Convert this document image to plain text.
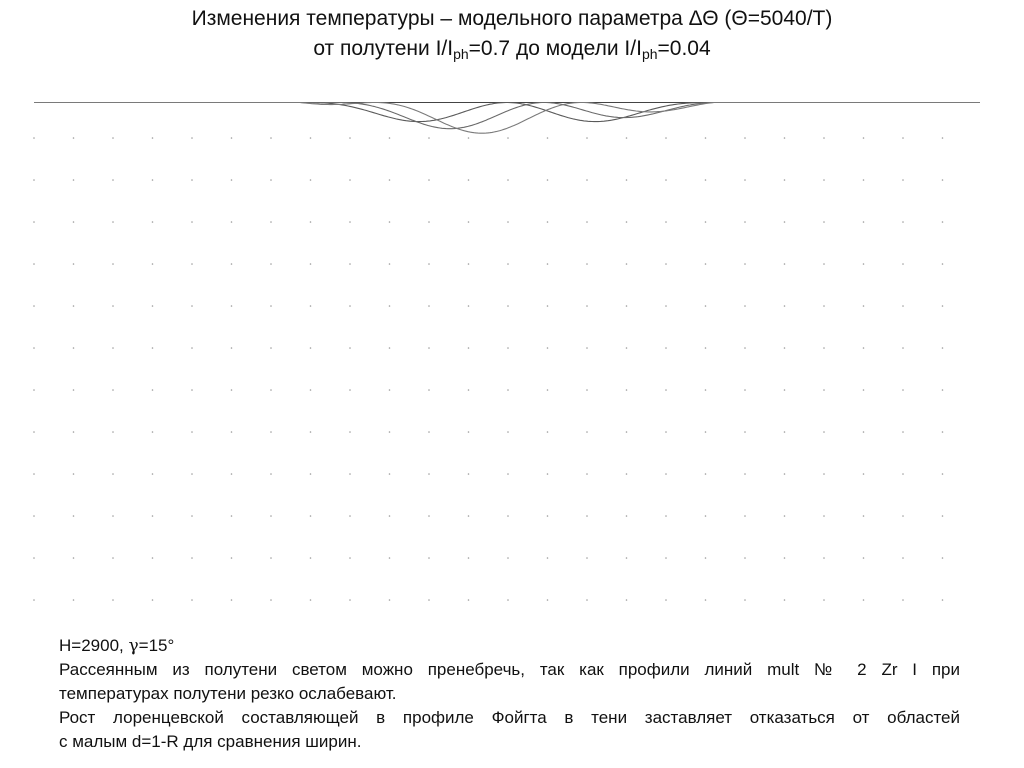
Изменения температуры – модельного параметра ΔΘ (Θ=5040/T)
от полутени $I/I_{ph}=0.7$ до модели $I/I_{ph}=0.04$
H=2900, γ=15°
Рассеянным из полутени светом можно пренебречь, так как профили линий mult № 2 Zr I при
температурах полутени резко ослабевают.
Рост лоренцевской составляющей в профиле Фойгта в тени заставляет отказаться от областей
с малым d=1-R для сравнения ширин.
